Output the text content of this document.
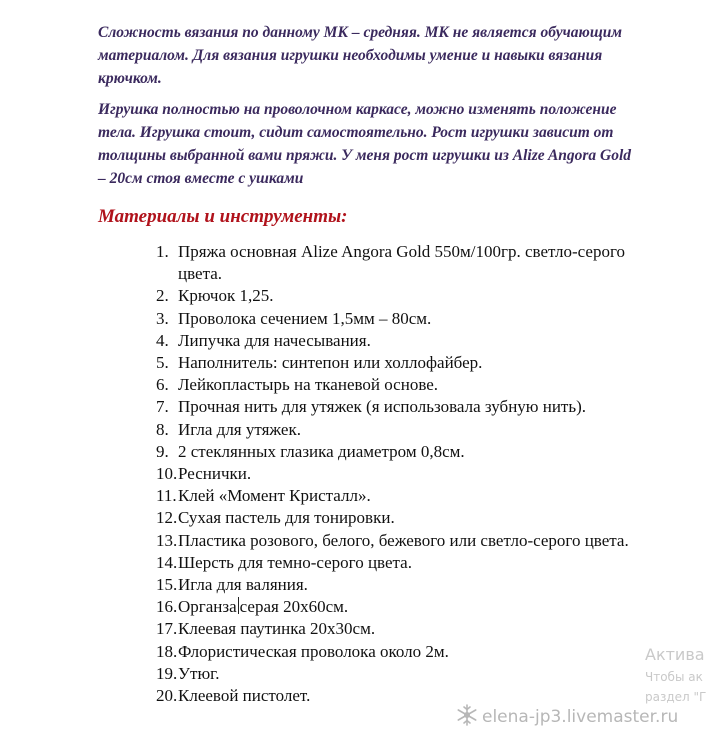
Сложность вязания по данному МК – средняя. МК не является обучающим материалом. Для вязания игрушки необходимы умение и навыки вязания крючком.

Игрушка полностью на проволочном каркасе, можно изменять положение тела. Игрушка стоит, сидит самостоятельно. Рост игрушки зависит от толщины выбранной вами пряжи. У меня рост игрушки из Alize Angora Gold – 20см стоя вместе с ушками

Материалы и инструменты:
1. Пряжа основная Alize Angora Gold 550м/100гр. светло-серого цвета.
2. Крючок 1,25.
3. Проволока сечением 1,5мм – 80см.
4. Липучка для начесывания.
5. Наполнитель: синтепон или холлофайбер.
6. Лейкопластырь на тканевой основе.
7. Прочная нить для утяжек (я использовала зубную нить).
8. Игла для утяжек.
9. 2 стеклянных глазика диаметром 0,8см.
10. Реснички.
11. Клей «Момент Кристалл».
12. Сухая пастель для тонировки.
13. Пластика розового, белого, бежевого или светло-серого цвета.
14. Шерсть для темно-серого цвета.
15. Игла для валяния.
16. Органза серая 20х60см.
17. Клеевая паутинка 20х30см.
18. Флористическая проволока около 2м.
19. Утюг.
20. Клеевой пистолет.
Актива
Чтобы ак
раздел "Г
elena-jp3.livemaster.ru
